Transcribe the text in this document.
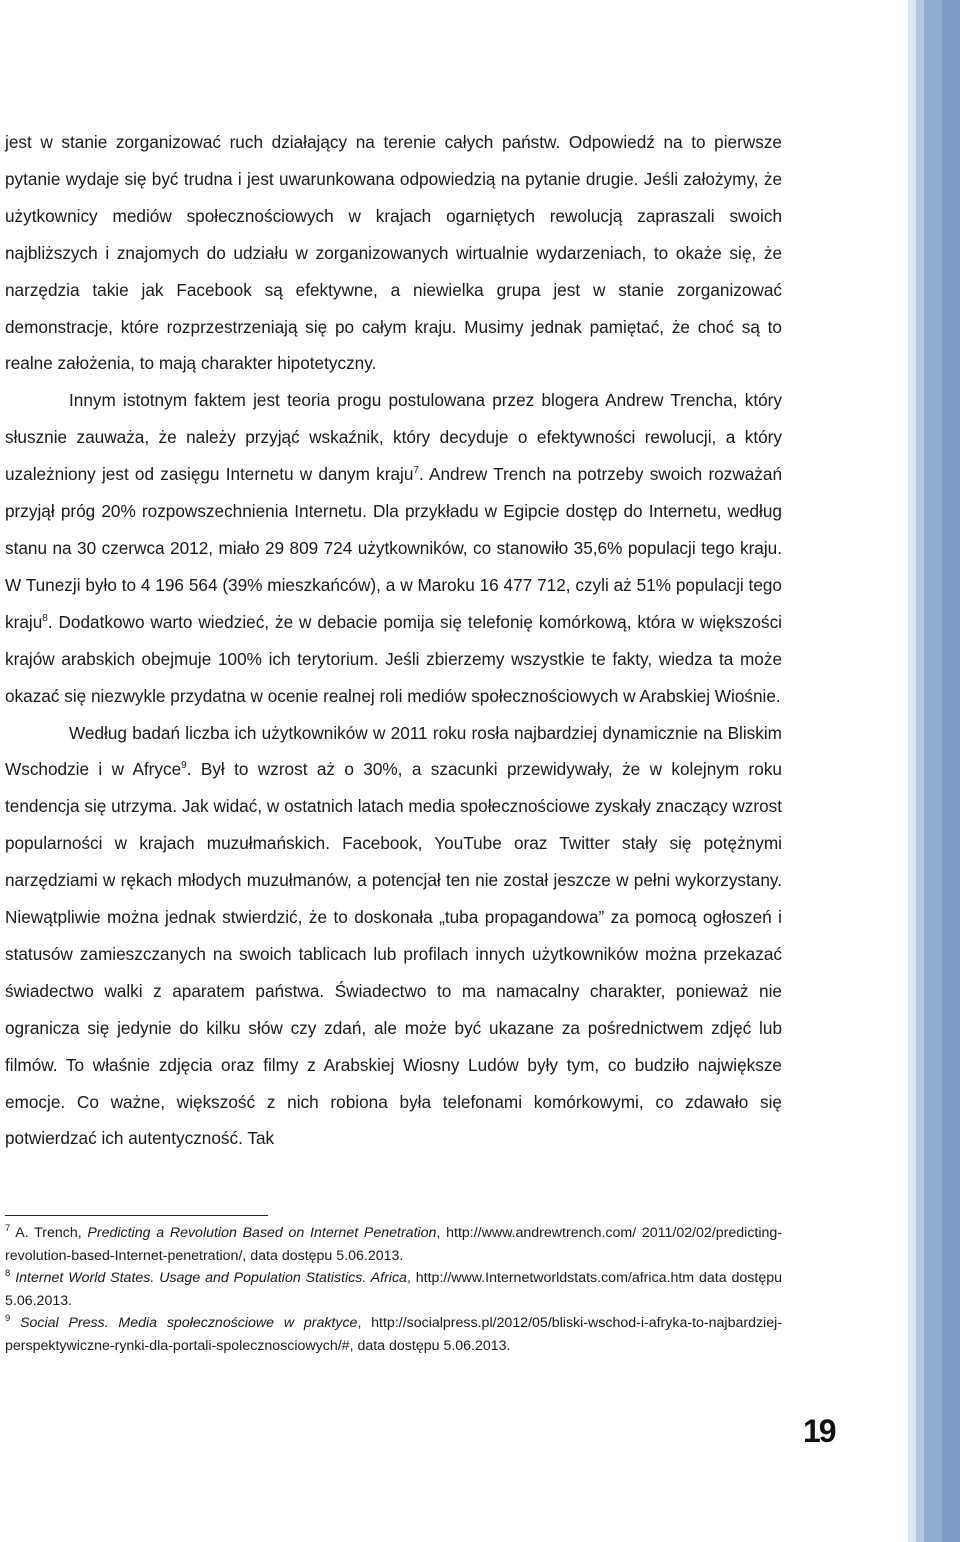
jest w stanie zorganizować ruch działający na terenie całych państw. Odpowiedź na to pierwsze pytanie wydaje się być trudna i jest uwarunkowana odpowiedzią na pytanie drugie. Jeśli założymy, że użytkownicy mediów społecznościowych w krajach ogarniętych rewolucją zapraszali swoich najbliższych i znajomych do udziału w zorganizowanych wirtualnie wydarzeniach, to okaże się, że narzędzia takie jak Facebook są efektywne, a niewielka grupa jest w stanie zorganizować demonstracje, które rozprzestrzeniają się po całym kraju. Musimy jednak pamiętać, że choć są to realne założenia, to mają charakter hipotetyczny.

Innym istotnym faktem jest teoria progu postulowana przez blogera Andrew Trencha, który słusznie zauważa, że należy przyjąć wskaźnik, który decyduje o efektywności rewolucji, a który uzależniony jest od zasięgu Internetu w danym kraju$^7$. Andrew Trench na potrzeby swoich rozważań przyjął próg 20% rozpowszechnienia Internetu. Dla przykładu w Egipcie dostęp do Internetu, według stanu na 30 czerwca 2012, miało 29 809 724 użytkowników, co stanowiło 35,6% populacji tego kraju. W Tunezji było to 4 196 564 (39% mieszkańców), a w Maroku 16 477 712, czyli aż 51% populacji tego kraju$^8$. Dodatkowo warto wiedzieć, że w debacie pomija się telefonię komórkową, która w większości krajów arabskich obejmuje 100% ich terytorium. Jeśli zbierzemy wszystkie te fakty, wiedza ta może okazać się niezwykle przydatna w ocenie realnej roli mediów społecznościowych w Arabskiej Wiośnie.

Według badań liczba ich użytkowników w 2011 roku rosła najbardziej dynamicznie na Bliskim Wschodzie i w Afryce$^9$. Był to wzrost aż o 30%, a szacunki przewidywały, że w kolejnym roku tendencja się utrzyma. Jak widać, w ostatnich latach media społecznościowe zyskały znaczący wzrost popularności w krajach muzułmańskich. Facebook, YouTube oraz Twitter stały się potężnymi narzędziami w rękach młodych muzułmanów, a potencjał ten nie został jeszcze w pełni wykorzystany. Niewątpliwie można jednak stwierdzić, że to doskonała „tuba propagandowa” za pomocą ogłoszeń i statusów zamieszczanych na swoich tablicach lub profilach innych użytkowników można przekazać świadectwo walki z aparatem państwa. Świadectwo to ma namacalny charakter, ponieważ nie ogranicza się jedynie do kilku słów czy zdań, ale może być ukazane za pośrednictwem zdjęć lub filmów. To właśnie zdjęcia oraz filmy z Arabskiej Wiosny Ludów były tym, co budziło największe emocje. Co ważne, większość z nich robiona była telefonami komórkowymi, co zdawało się potwierdzać ich autentyczność. Tak

$^7$ A. Trench, Predicting a Revolution Based on Internet Penetration, http://www.andrewtrench.com/ 2011/02/02/predicting-revolution-based-Internet-penetration/, data dostępu 5.06.2013.

$^8$ Internet World States. Usage and Population Statistics. Africa, http://www.Internetworldstats.com/africa.htm data dostępu 5.06.2013.

$^9$ Social Press. Media społecznościowe w praktyce, http://socialpress.pl/2012/05/bliski-wschod-i-afryka-to-najbardziej-perspektywiczne-rynki-dla-portali-spolecznosciowych/#, data dostępu 5.06.2013.

19
